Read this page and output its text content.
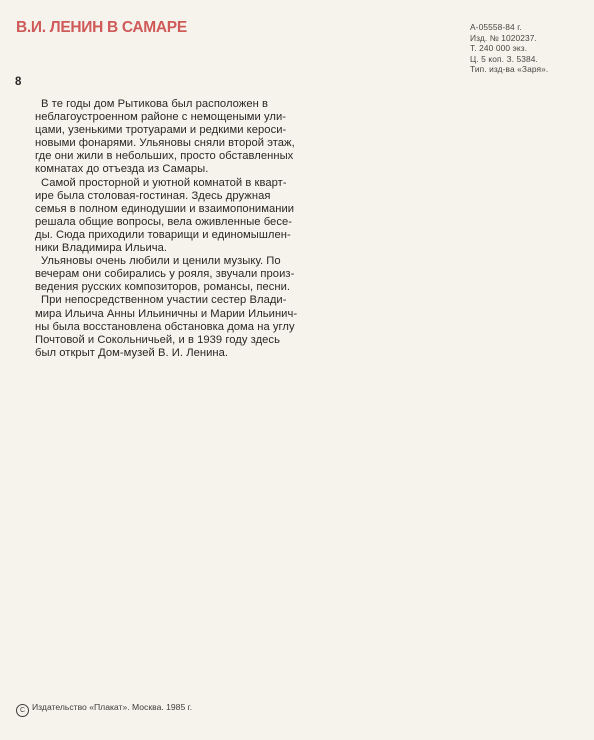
В.И. ЛЕНИН В САМАРЕ	А-05558-84 г.
Изд. № 1020237.
Т. 240 000 экз.
Ц. 5 коп. З. 5384.
Тип. изд-ва «Заря».
8
В те годы дом Рытикова был расположен в
неблагоустроенном районе с немощеными ули-
цами, узенькими тротуарами и редкими кероси-
новыми фонарями. Ульяновы сняли второй этаж,
где они жили в небольших, просто обставленных
комнатах до отъезда из Самары.
Самой просторной и уютной комнатой в кварт-
ире была столовая-гостиная. Здесь дружная
семья в полном единодушии и взаимопонимании
решала общие вопросы, вела оживленные бесе-
ды. Сюда приходили товарищи и единомышлен-
ники Владимира Ильича.
Ульяновы очень любили и ценили музыку. По
вечерам они собирались у рояля, звучали произ-
ведения русских композиторов, романсы, песни.
При непосредственном участии сестер Влади-
мира Ильича Анны Ильиничны и Марии Ильинич-
ны была восстановлена обстановка дома на углу
Почтовой и Сокольничьей, и в 1939 году здесь
был открыт Дом-музей В. И. Ленина.
C Издательство «Плакат». Москва. 1985 г.
